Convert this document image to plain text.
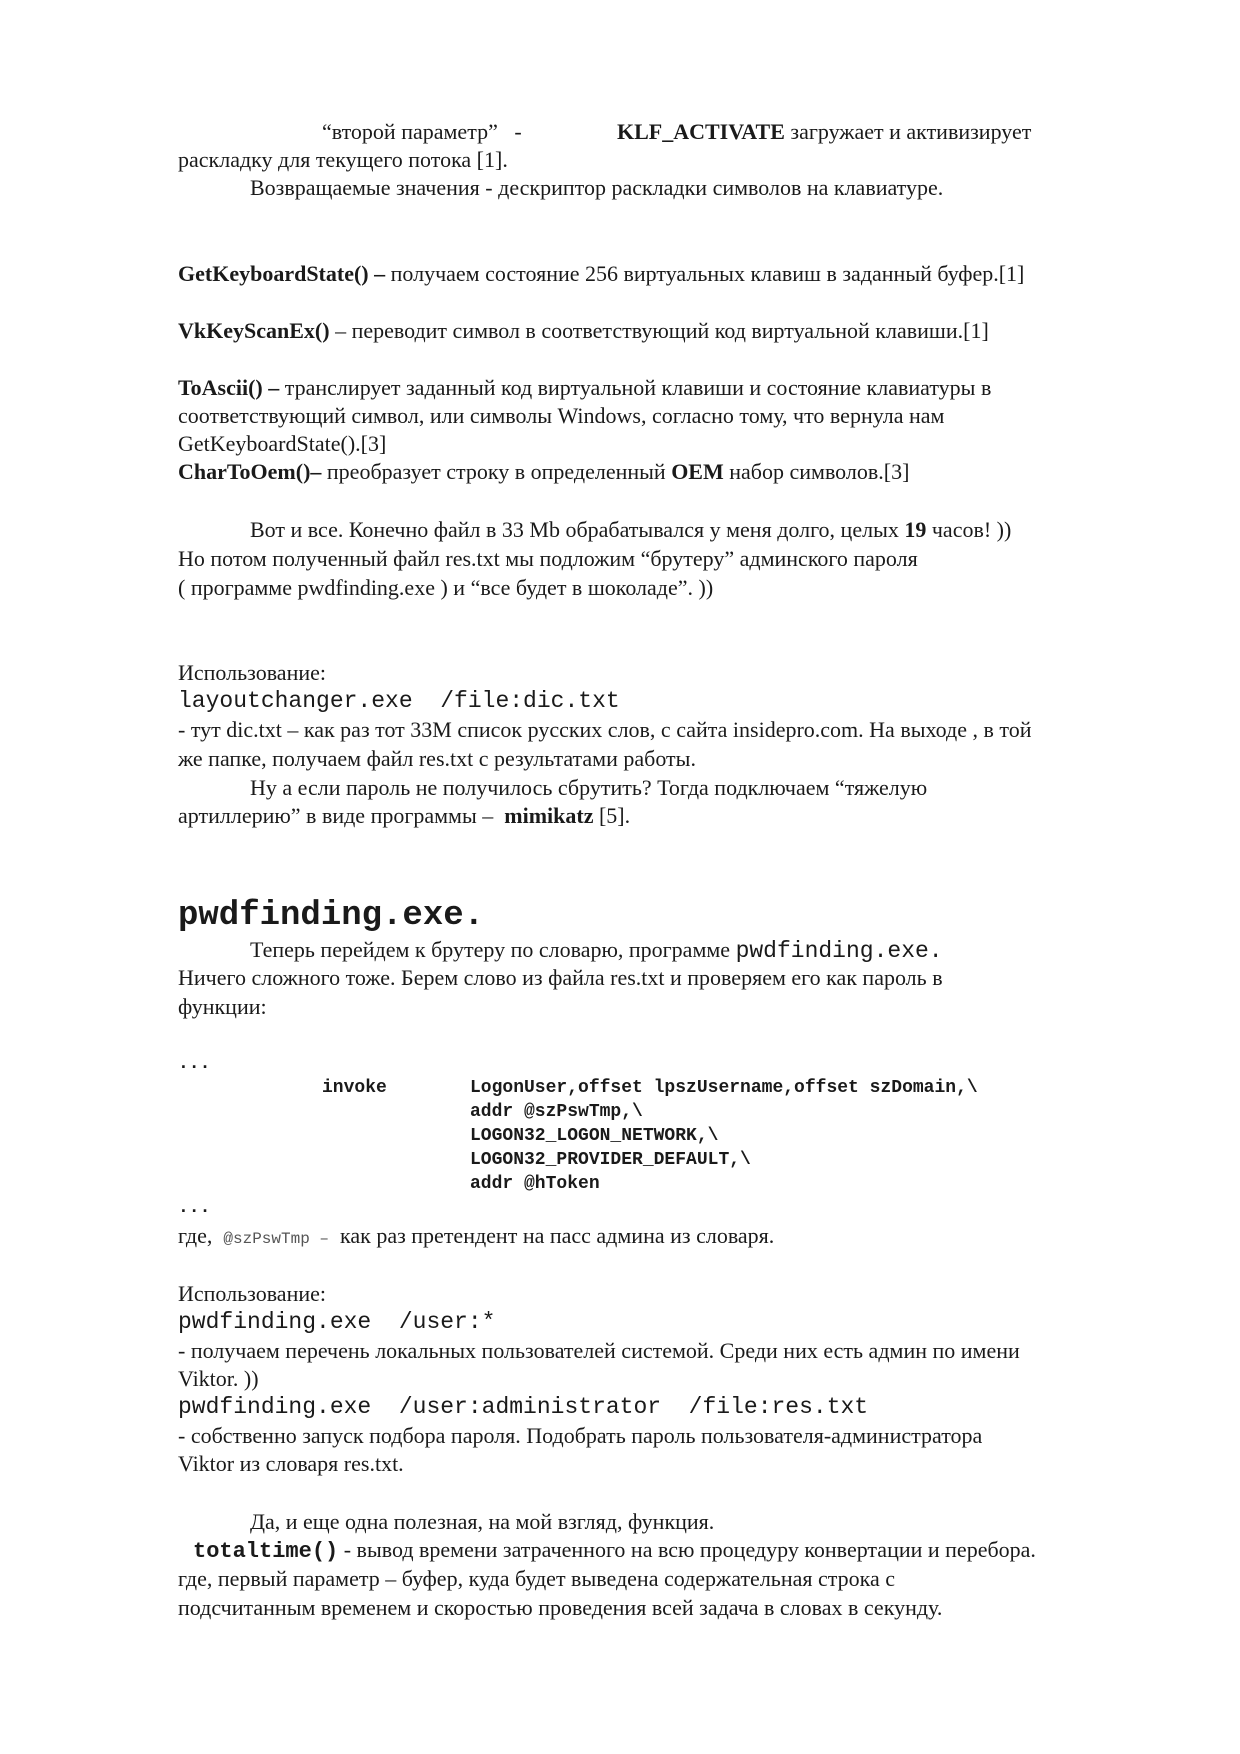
“второй параметр” -	KLF_ACTIVATE загружает и активизирует
раскладку для текущего потока [1].
Возвращаемые значения - дескриптор раскладки символов на клавиатуре.
GetKeyboardState() – получаем состояние 256 виртуальных клавиш в заданный буфер.[1]
VkKeyScanEx() – переводит символ в соответствующий код виртуальной клавиши.[1]
ToAscii() – транслирует заданный код виртуальной клавиши и состояние клавиатуры в
соответствующий символ, или символы Windows, согласно тому, что вернула нам
GetKeyboardState().[3]
CharToOem()– преобразует строку в определенный OEM набор символов.[3]
Вот и все. Конечно файл в 33 Mb обрабатывался у меня долго, целых 19 часов! ))
Но потом полученный файл res.txt мы подложим “брутеру” админского пароля
( программе pwdfinding.exe ) и “все будет в шоколаде”. ))
Использование:
layoutchanger.exe  /file:dic.txt
- тут dic.txt – как раз тот 33M список русских слов, с сайта insidepro.com. На выходе , в той
же папке, получаем файл res.txt с результатами работы.
Ну а если пароль не получилось сбрутить? Тогда подключаем “тяжелую
артиллерию” в виде программы – mimikatz [5].
pwdfinding.exe.
Теперь перейдем к брутеру по словарю, программе pwdfinding.exe.
Ничего сложного тоже. Берем слово из файла res.txt и проверяем его как пароль в
функции:
...
invoke	LogonUser,offset lpszUsername,offset szDomain,\
addr @szPswTmp,\
LOGON32_LOGON_NETWORK,\
LOGON32_PROVIDER_DEFAULT,\
addr @hToken
...
где, @szPswTmp – как раз претендент на пасс админа из словаря.
Использование:
pwdfinding.exe  /user:*
- получаем перечень локальных пользователей системой. Среди них есть админ по имени
Viktor. ))
pwdfinding.exe  /user:administrator  /file:res.txt
- собственно запуск подбора пароля. Подобрать пароль пользователя-администратора
Viktor из словаря res.txt.
Да, и еще одна полезная, на мой взгляд, функция.
totaltime() - вывод времени затраченного на всю процедуру конвертации и перебора.
где, первый параметр – буфер, куда будет выведена содержательная строка с
подсчитанным временем и скоростью проведения всей задача в словах в секунду.
